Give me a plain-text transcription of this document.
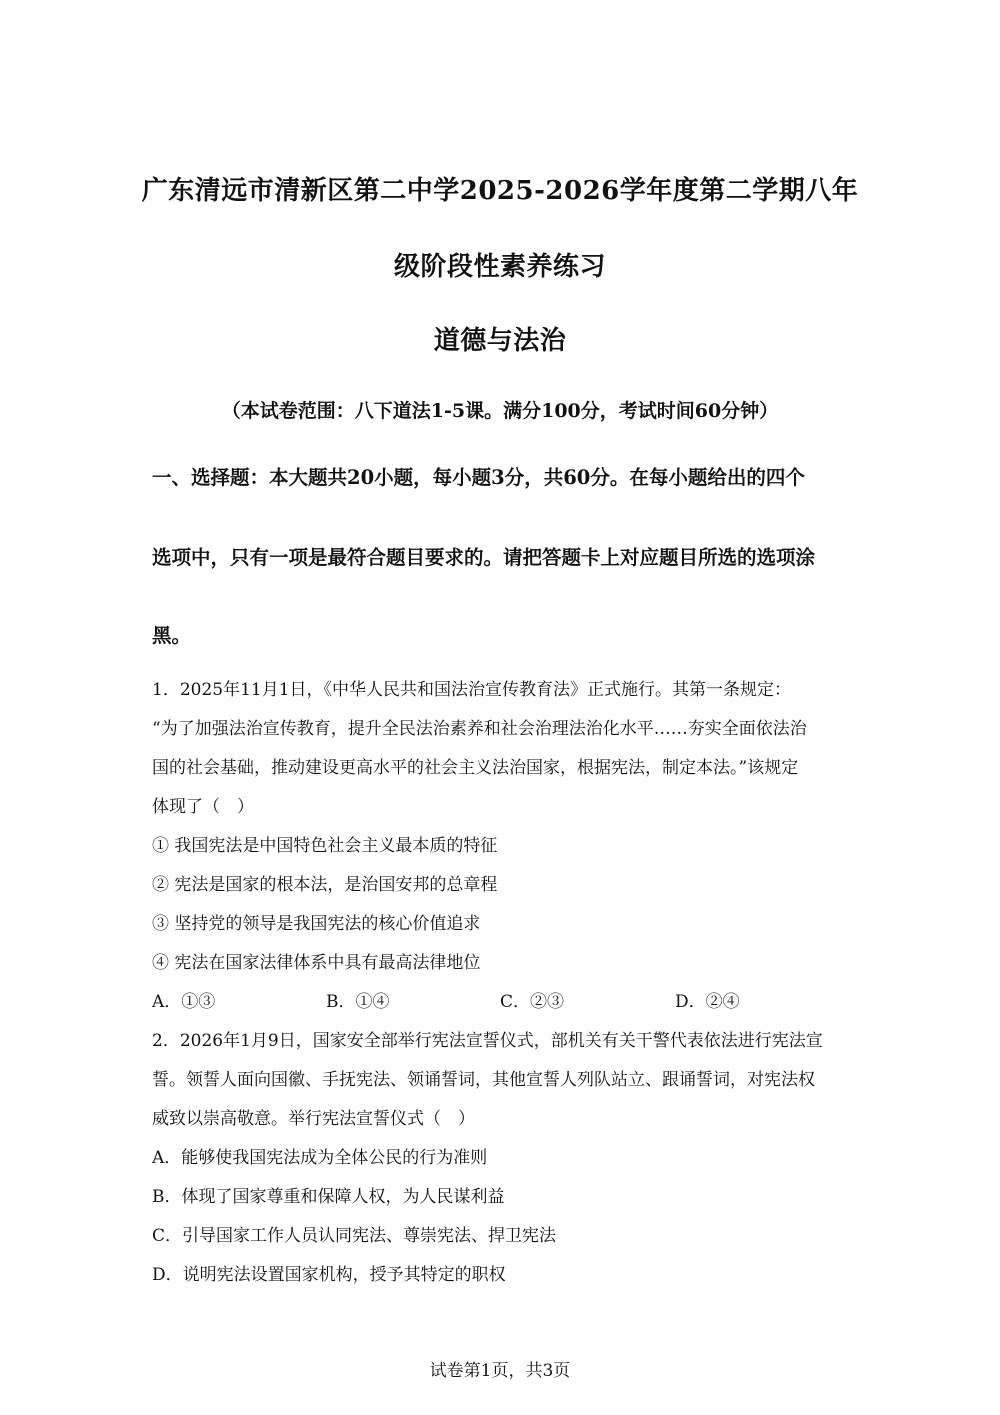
广东清远市清新区第二中学2025-2026学年度第二学期八年
级阶段性素养练习
道德与法治
（本试卷范围：八下道法1-5课。满分100分，考试时间60分钟）
一、选择题：本大题共20小题，每小题3分，共60分。在每小题给出的四个
选项中，只有一项是最符合题目要求的。请把答题卡上对应题目所选的选项涂
黑。
1．2025年11月1日，《中华人民共和国法治宣传教育法》正式施行。其第一条规定：
“为了加强法治宣传教育，提升全民法治素养和社会治理法治化水平……夯实全面依法治
国的社会基础，推动建设更高水平的社会主义法治国家，根据宪法，制定本法。”该规定
体现了（　）
① 我国宪法是中国特色社会主义最本质的特征
② 宪法是国家的根本法，是治国安邦的总章程
③ 坚持党的领导是我国宪法的核心价值追求
④ 宪法在国家法律体系中具有最高法律地位
A．①③	B．①④	C．②③	D．②④
2．2026年1月9日，国家安全部举行宪法宣誓仪式，部机关有关干警代表依法进行宪法宣
誓。领誓人面向国徽、手抚宪法、领诵誓词，其他宣誓人列队站立、跟诵誓词，对宪法权
威致以崇高敬意。举行宪法宣誓仪式（　）
A．能够使我国宪法成为全体公民的行为准则
B．体现了国家尊重和保障人权，为人民谋利益
C．引导国家工作人员认同宪法、尊崇宪法、捍卫宪法
D．说明宪法设置国家机构，授予其特定的职权
试卷第1页，共3页
